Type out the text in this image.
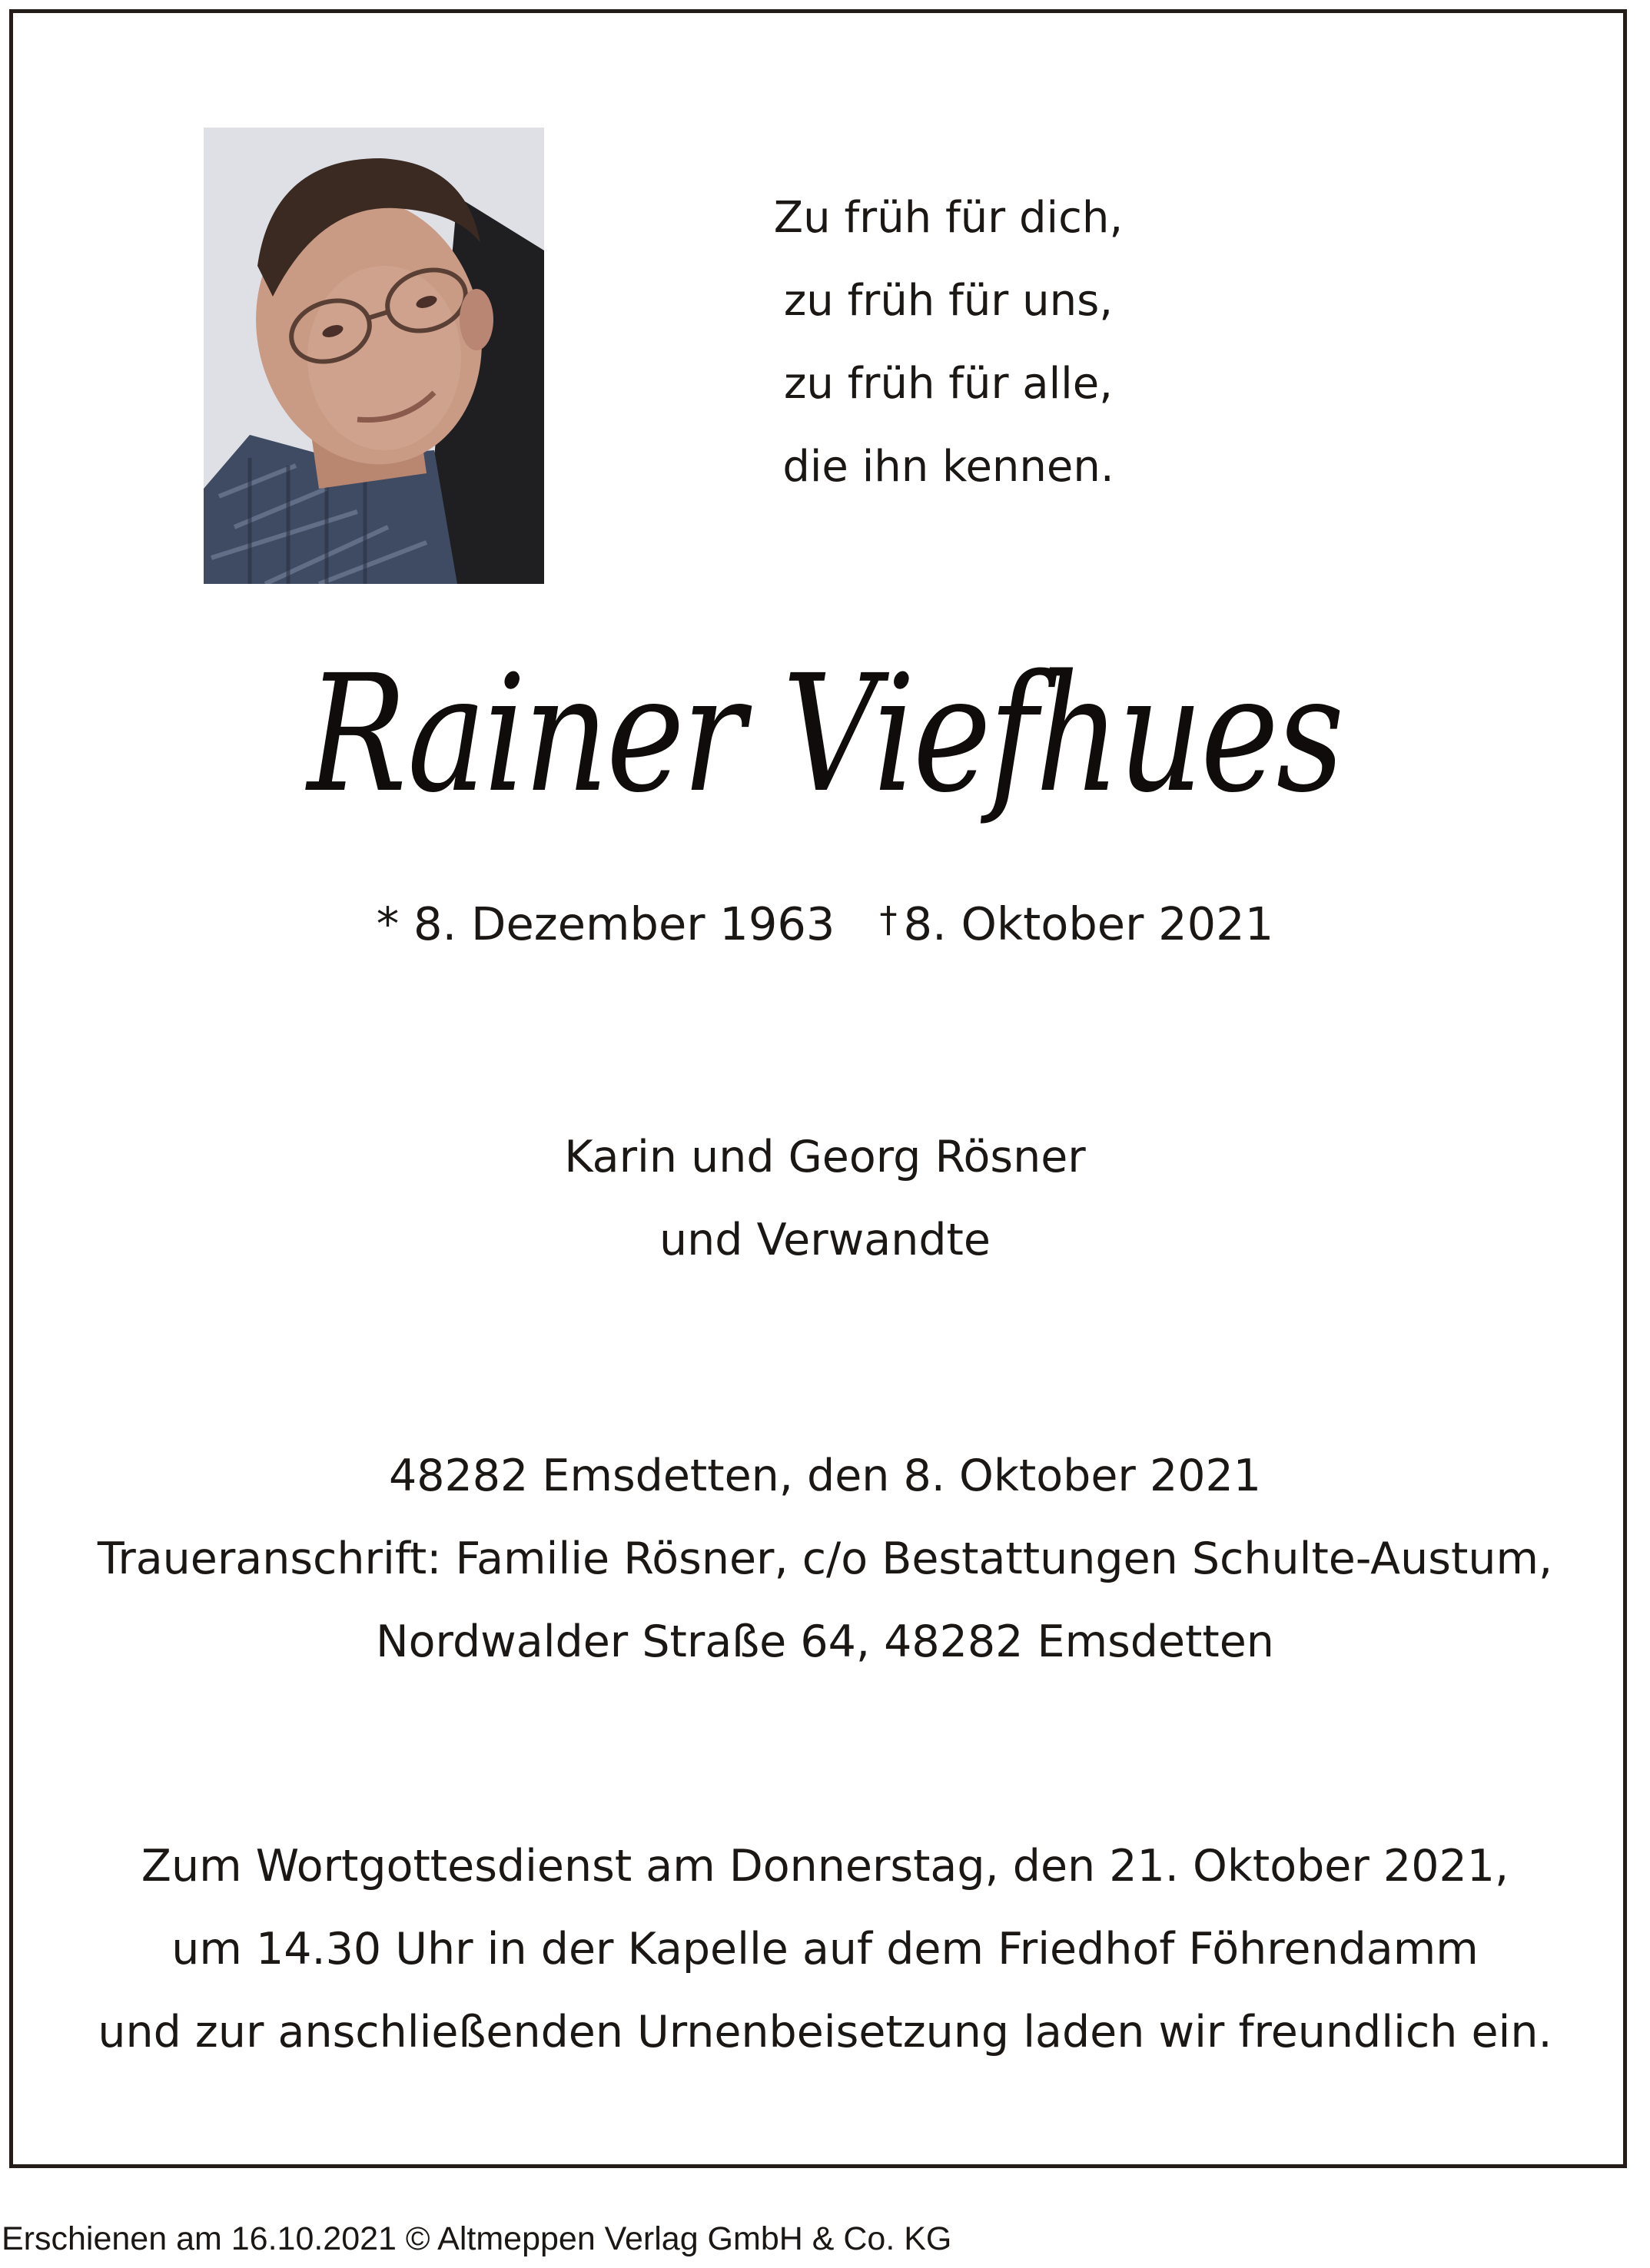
Zu früh für dich,
zu früh für uns,
zu früh für alle,
die ihn kennen.
Rainer Viefhues
* 8. Dezember 1963 † 8. Oktober 2021
Karin und Georg Rösner
und Verwandte
48282 Emsdetten, den 8. Oktober 2021
Traueranschrift: Familie Rösner, c/o Bestattungen Schulte-Austum,
Nordwalder Straße 64, 48282 Emsdetten
Zum Wortgottesdienst am Donnerstag, den 21. Oktober 2021,
um 14.30 Uhr in der Kapelle auf dem Friedhof Föhrendamm
und zur anschließenden Urnenbeisetzung laden wir freundlich ein.
Erschienen am 16.10.2021 © Altmeppen Verlag GmbH & Co. KG
